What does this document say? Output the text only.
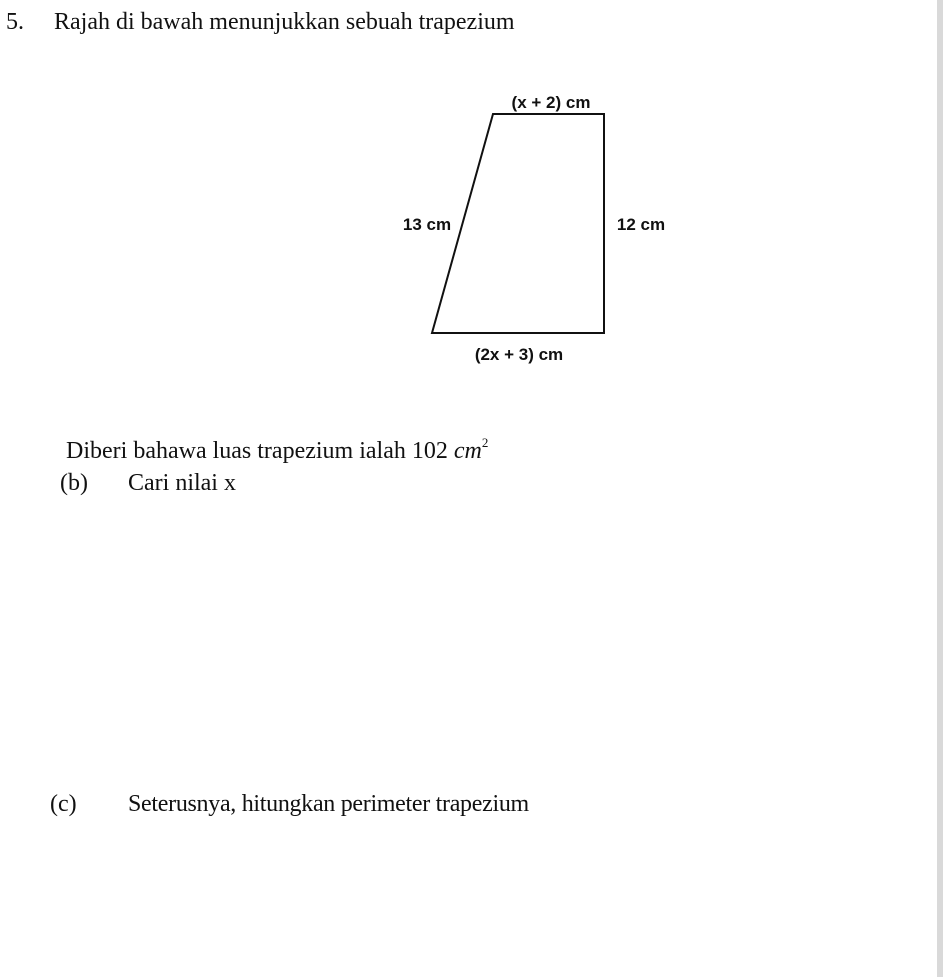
5. Rajah di bawah menunjukkan sebuah trapezium
(x + 2) cm
13 cm	12 cm
(2x + 3) cm
Diberi bahawa luas trapezium ialah 102 $cm^2$
(b) Cari nilai x
(c) Seterusnya, hitungkan perimeter trapezium
